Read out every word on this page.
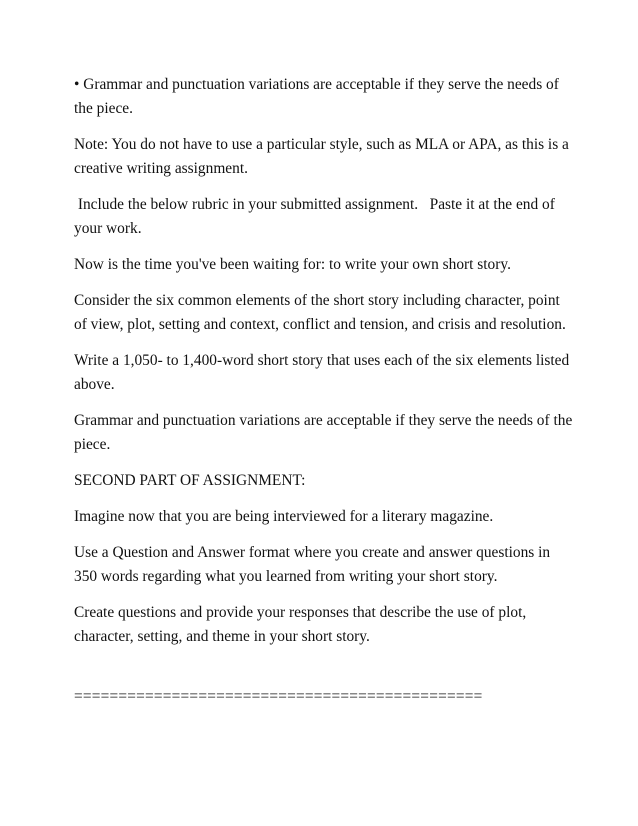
• Grammar and punctuation variations are acceptable if they serve the needs of the piece.

Note: You do not have to use a particular style, such as MLA or APA, as this is a creative writing assignment.

Include the below rubric in your submitted assignment.   Paste it at the end of your work.

Now is the time you've been waiting for: to write your own short story.

Consider the six common elements of the short story including character, point of view, plot, setting and context, conflict and tension, and crisis and resolution.

Write a 1,050- to 1,400-word short story that uses each of the six elements listed above.

Grammar and punctuation variations are acceptable if they serve the needs of the piece.

SECOND PART OF ASSIGNMENT:

Imagine now that you are being interviewed for a literary magazine.

Use a Question and Answer format where you create and answer questions in 350 words regarding what you learned from writing your short story.

Create questions and provide your responses that describe the use of plot, character, setting, and theme in your short story.

==============================================
